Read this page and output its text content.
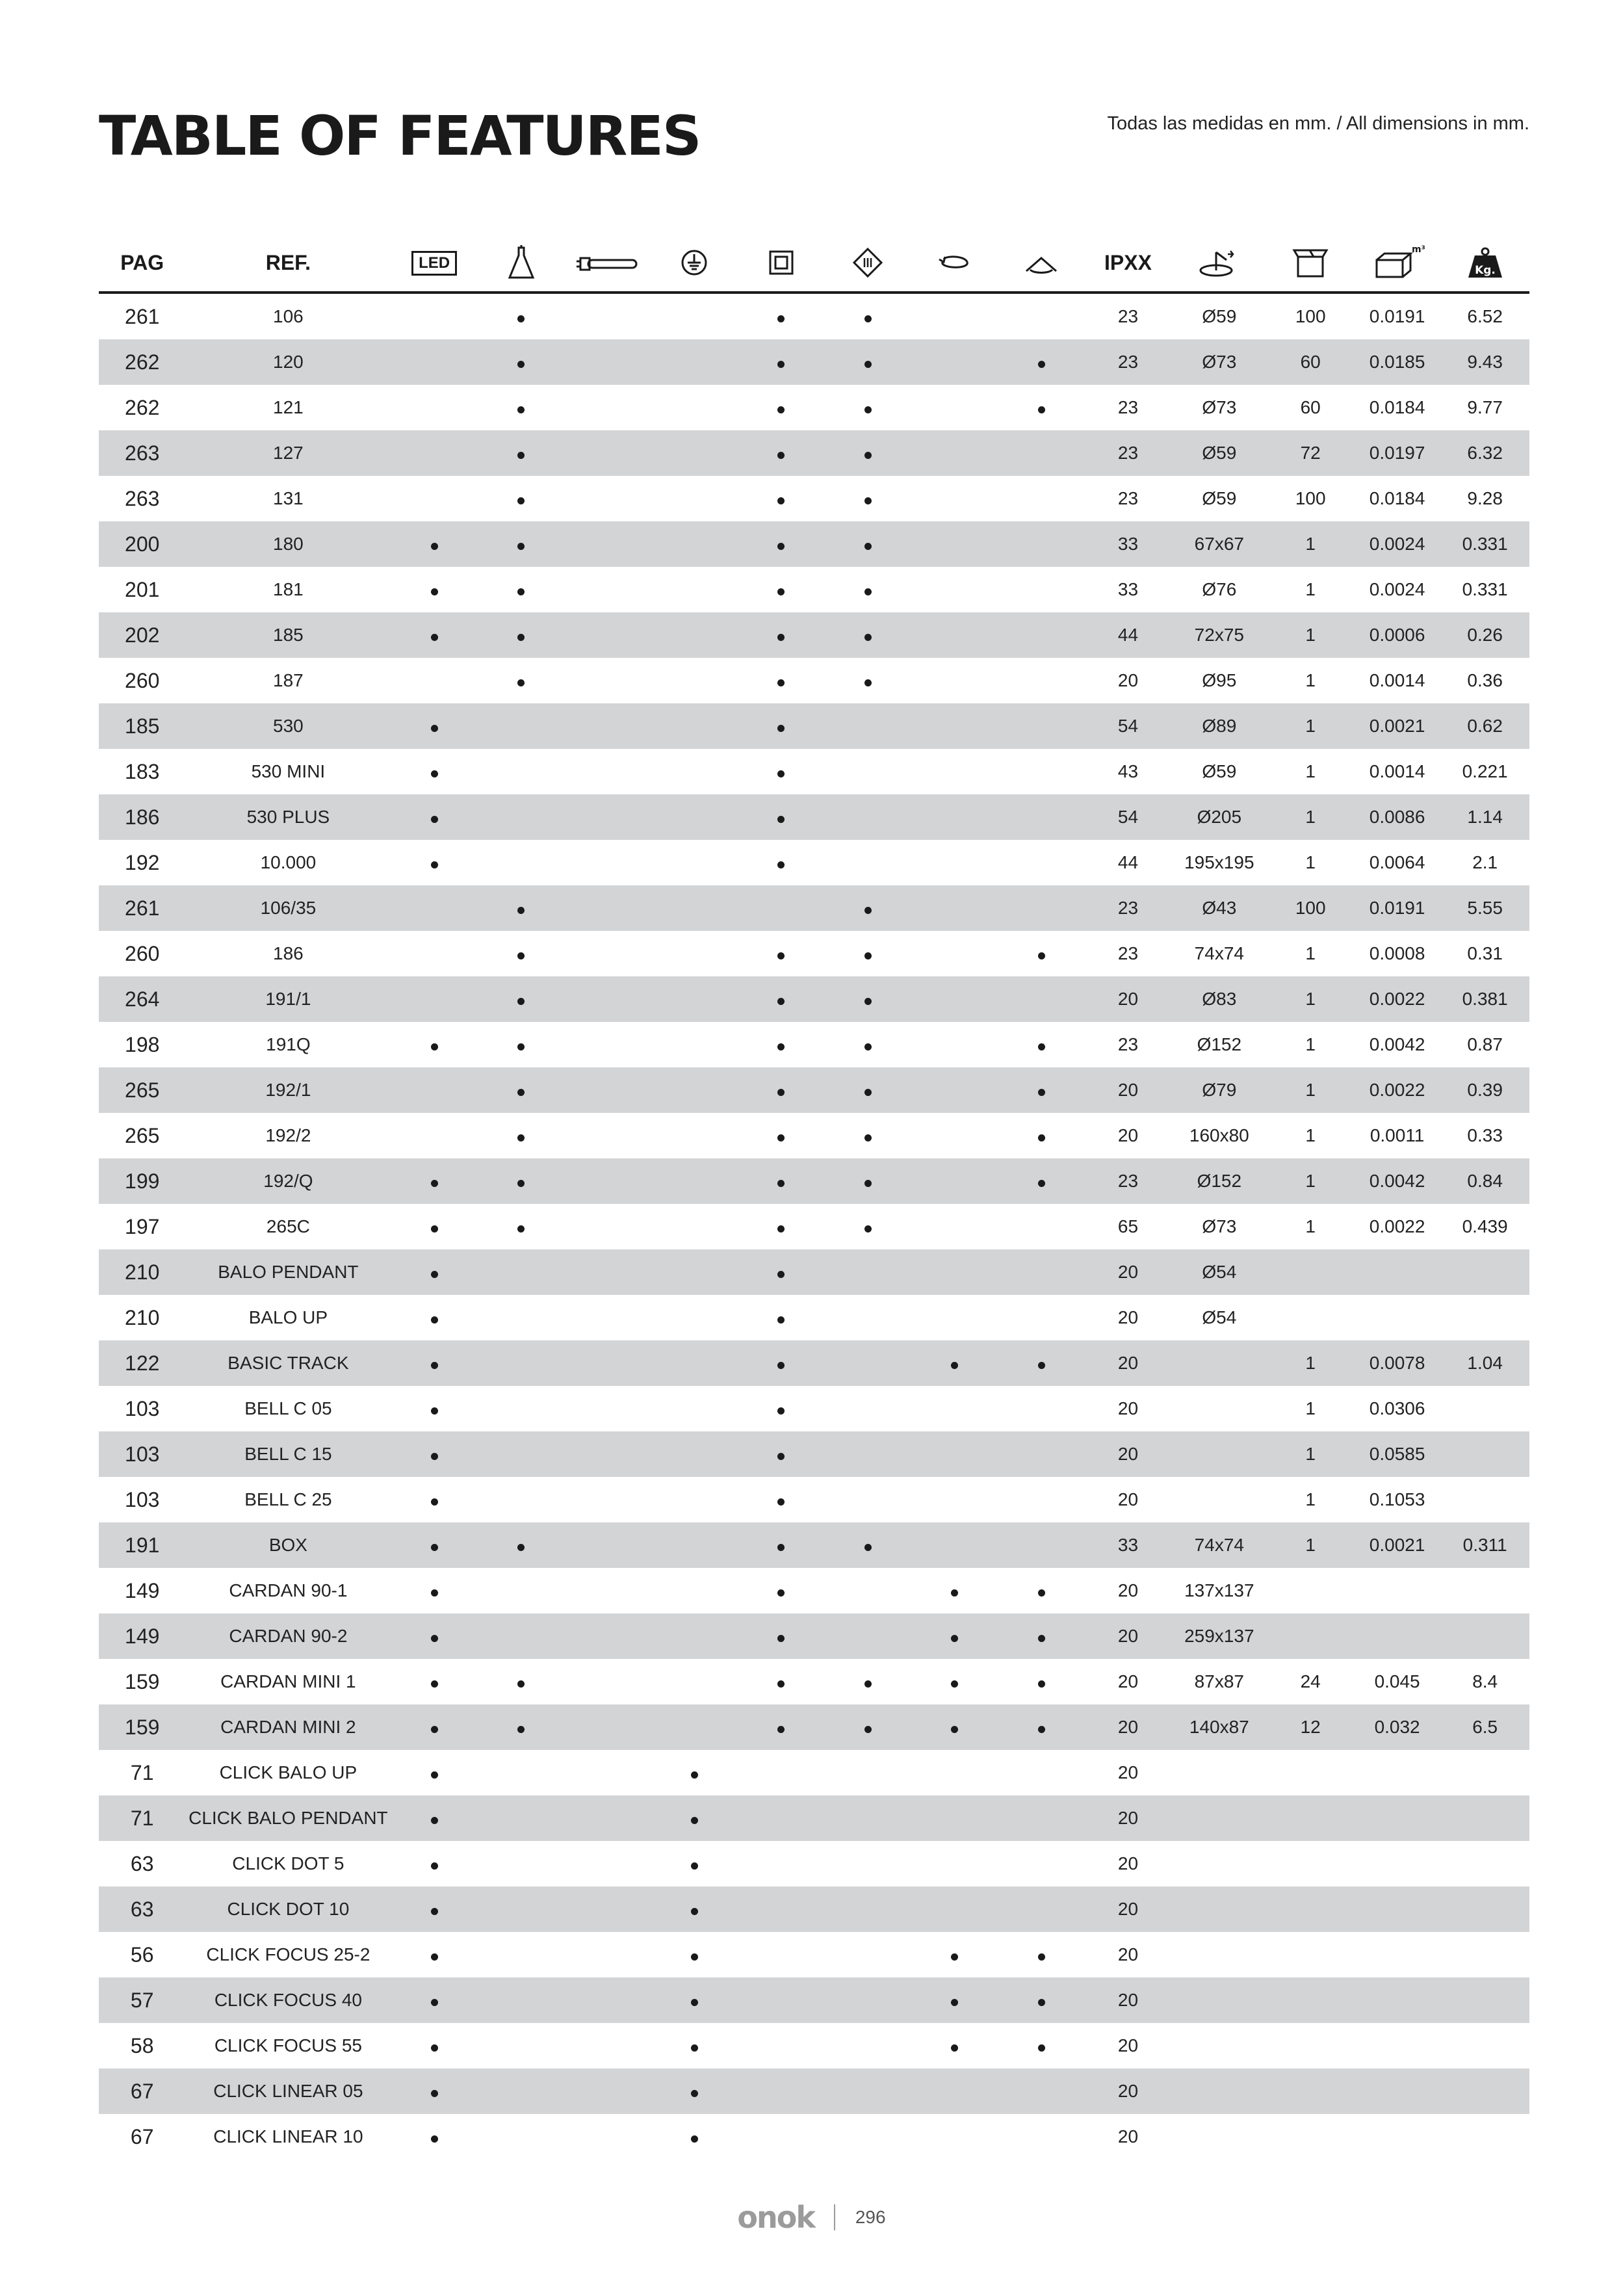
TABLE OF FEATURES	Todas las medidas en mm. / All dimensions in mm.
PAG	REF.	LED								IPXX			m³	Kg.

261	106									23	Ø59	100	0.0191	6.52
262	120									23	Ø73	60	0.0185	9.43
262	121									23	Ø73	60	0.0184	9.77
263	127									23	Ø59	72	0.0197	6.32
263	131									23	Ø59	100	0.0184	9.28
200	180									33	67x67	1	0.0024	0.331
201	181									33	Ø76	1	0.0024	0.331
202	185									44	72x75	1	0.0006	0.26
260	187									20	Ø95	1	0.0014	0.36
185	530									54	Ø89	1	0.0021	0.62
183	530 MINI									43	Ø59	1	0.0014	0.221
186	530 PLUS									54	Ø205	1	0.0086	1.14
192	10.000									44	195x195	1	0.0064	2.1
261	106/35									23	Ø43	100	0.0191	5.55
260	186									23	74x74	1	0.0008	0.31
264	191/1									20	Ø83	1	0.0022	0.381
198	191Q									23	Ø152	1	0.0042	0.87
265	192/1									20	Ø79	1	0.0022	0.39
265	192/2									20	160x80	1	0.0011	0.33
199	192/Q									23	Ø152	1	0.0042	0.84
197	265C									65	Ø73	1	0.0022	0.439
210	BALO PENDANT									20	Ø54			
210	BALO UP									20	Ø54			
122	BASIC TRACK									20		1	0.0078	1.04
103	BELL C 05									20		1	0.0306	
103	BELL C 15									20		1	0.0585	
103	BELL C 25									20		1	0.1053	
191	BOX									33	74x74	1	0.0021	0.311
149	CARDAN 90-1									20	137x137			
149	CARDAN 90-2									20	259x137			
159	CARDAN MINI 1									20	87x87	24	0.045	8.4
159	CARDAN MINI 2									20	140x87	12	0.032	6.5
71	CLICK BALO UP									20				
71	CLICK BALO PENDANT									20				
63	CLICK DOT 5									20				
63	CLICK DOT 10									20				
56	CLICK FOCUS 25-2									20				
57	CLICK FOCUS 40									20				
58	CLICK FOCUS 55									20				
67	CLICK LINEAR 05									20				
67	CLICK LINEAR 10									20				
onok 296
